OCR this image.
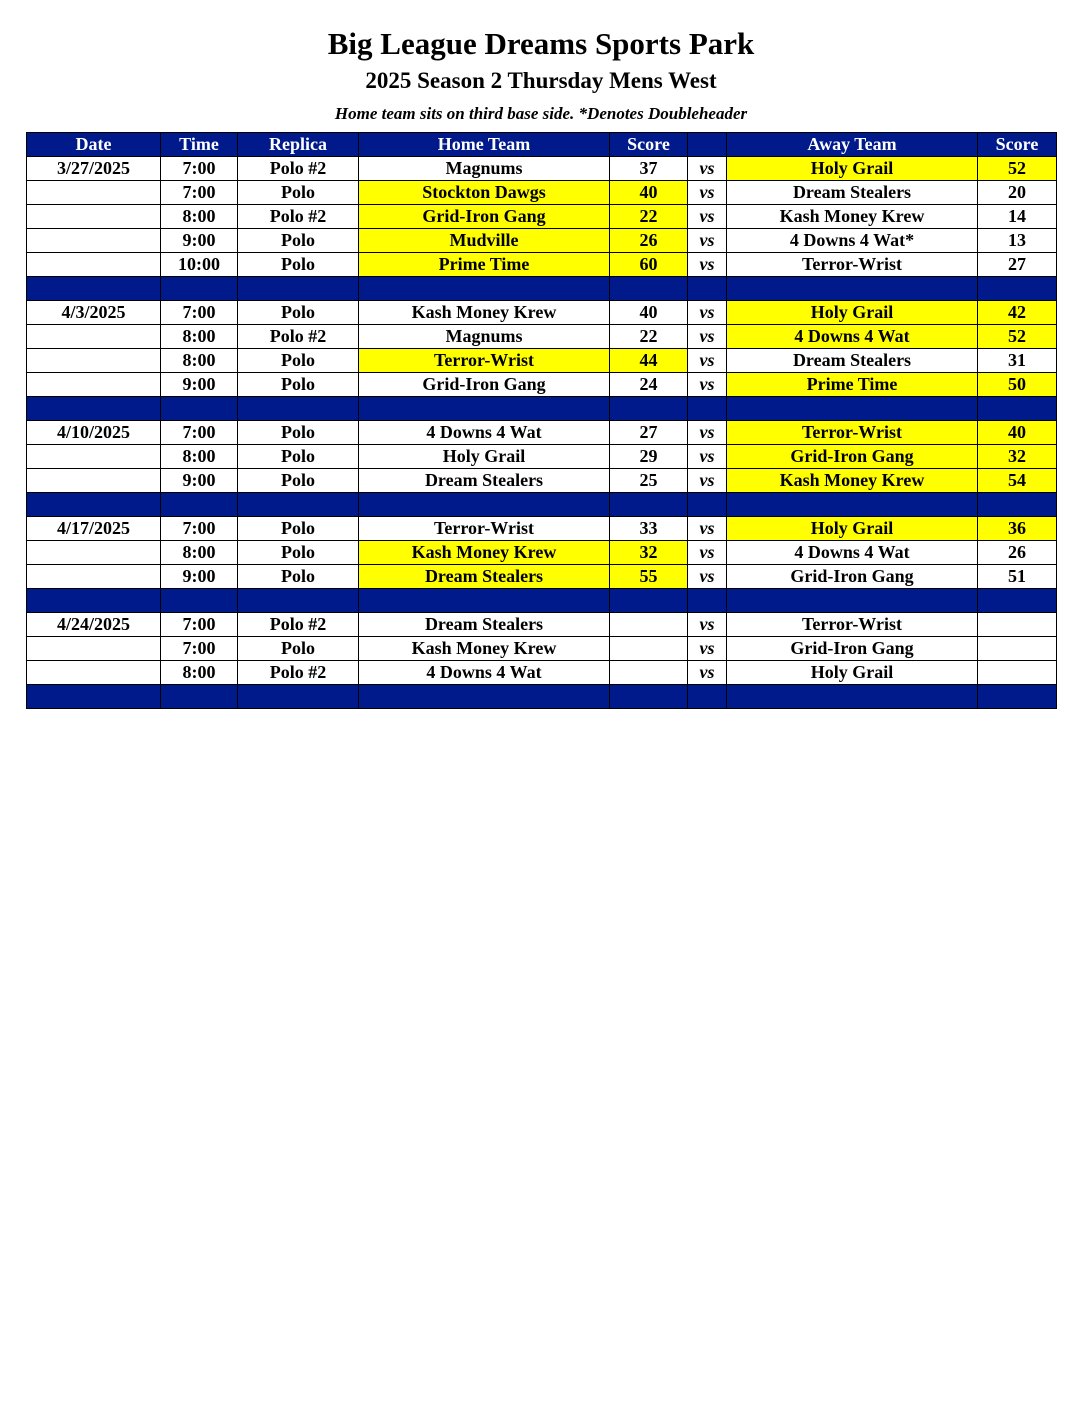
Big League Dreams Sports Park
2025 Season 2 Thursday Mens West
Home team sits on third base side. *Denotes Doubleheader
Date	Time	Replica	Home Team	Score		Away Team	Score
3/27/2025	7:00	Polo #2	Magnums	37	vs	Holy Grail	52
	7:00	Polo	Stockton Dawgs	40	vs	Dream Stealers	20
	8:00	Polo #2	Grid-Iron Gang	22	vs	Kash Money Krew	14
	9:00	Polo	Mudville	26	vs	4 Downs 4 Wat*	13
	10:00	Polo	Prime Time	60	vs	Terror-Wrist	27

4/3/2025	7:00	Polo	Kash Money Krew	40	vs	Holy Grail	42
	8:00	Polo #2	Magnums	22	vs	4 Downs 4 Wat	52
	8:00	Polo	Terror-Wrist	44	vs	Dream Stealers	31
	9:00	Polo	Grid-Iron Gang	24	vs	Prime Time	50

4/10/2025	7:00	Polo	4 Downs 4 Wat	27	vs	Terror-Wrist	40
	8:00	Polo	Holy Grail	29	vs	Grid-Iron Gang	32
	9:00	Polo	Dream Stealers	25	vs	Kash Money Krew	54

4/17/2025	7:00	Polo	Terror-Wrist	33	vs	Holy Grail	36
	8:00	Polo	Kash Money Krew	32	vs	4 Downs 4 Wat	26
	9:00	Polo	Dream Stealers	55	vs	Grid-Iron Gang	51

4/24/2025	7:00	Polo #2	Dream Stealers		vs	Terror-Wrist	
	7:00	Polo	Kash Money Krew		vs	Grid-Iron Gang	
	8:00	Polo #2	4 Downs 4 Wat		vs	Holy Grail	
